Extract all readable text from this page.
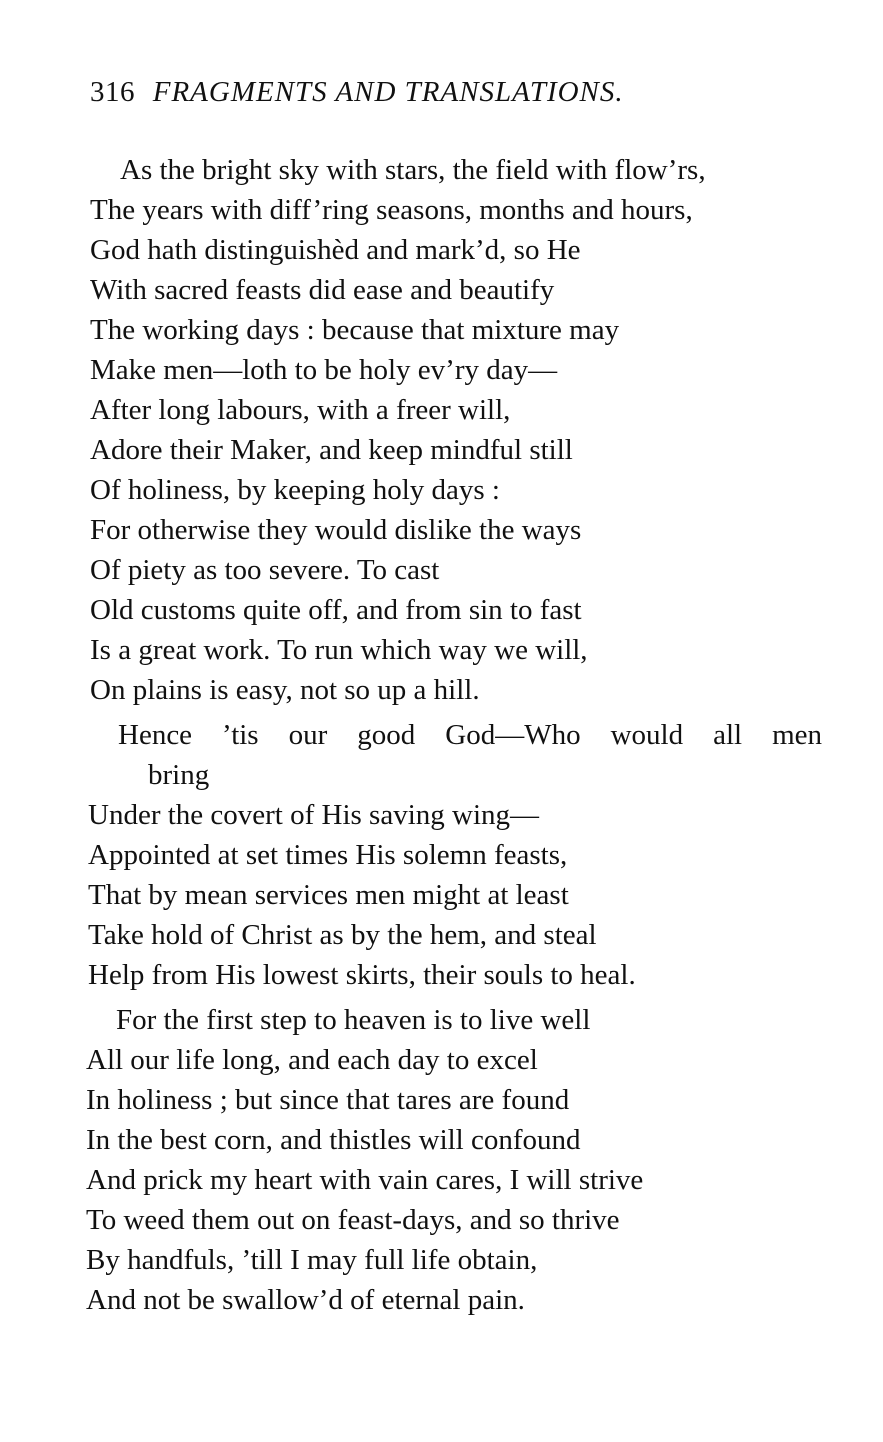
316 FRAGMENTS AND TRANSLATIONS.
As the bright sky with stars, the field with flow’rs,
The years with diff’ring seasons, months and hours,
God hath distinguishèd and mark’d, so He
With sacred feasts did ease and beautify
The working days : because that mixture may
Make men—loth to be holy ev’ry day—
After long labours, with a freer will,
Adore their Maker, and keep mindful still
Of holiness, by keeping holy days :
For otherwise they would dislike the ways
Of piety as too severe. To cast
Old customs quite off, and from sin to fast
Is a great work. To run which way we will,
On plains is easy, not so up a hill.
Hence ’tis our good God—Who would all men
bring
Under the covert of His saving wing—
Appointed at set times His solemn feasts,
That by mean services men might at least
Take hold of Christ as by the hem, and steal
Help from His lowest skirts, their souls to heal.
For the first step to heaven is to live well
All our life long, and each day to excel
In holiness ; but since that tares are found
In the best corn, and thistles will confound
And prick my heart with vain cares, I will strive
To weed them out on feast-days, and so thrive
By handfuls, ’till I may full life obtain,
And not be swallow’d of eternal pain.
